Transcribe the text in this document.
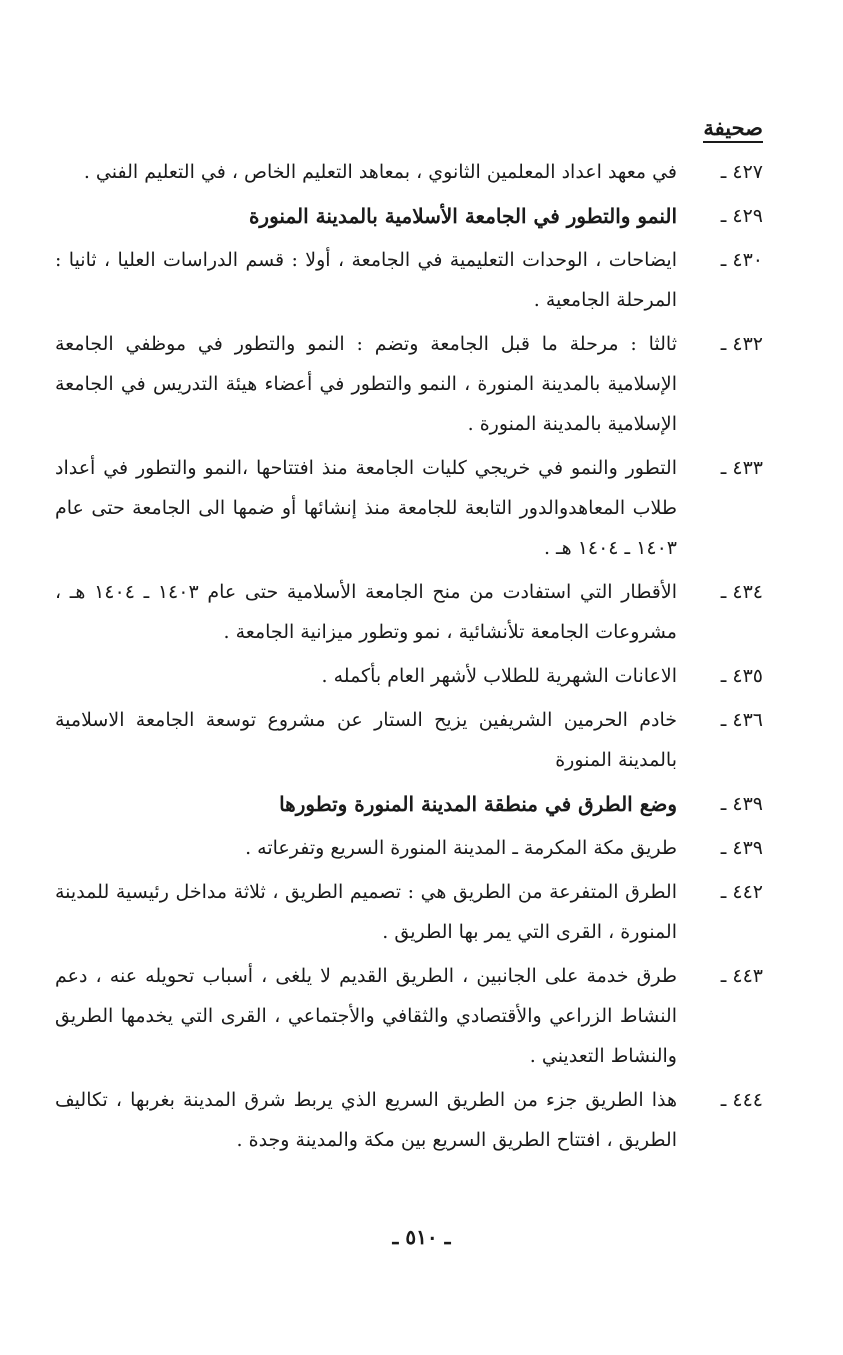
صحيفة
٤٢٧ ـ
في معهد اعداد المعلمين الثانوي ، بمعاهد التعليم الخاص ، في التعليم الفني .
٤٢٩ ـ
النمو والتطور في الجامعة الأسلامية بالمدينة المنورة
٤٣٠ ـ
ايضاحات ، الوحدات التعليمية في الجامعة ، أولا : قسم الدراسات العليا ، ثانيا : المرحلة الجامعية .
٤٣٢ ـ
ثالثا : مرحلة ما قبل الجامعة وتضم : النمو والتطور في موظفي الجامعة الإسلامية بالمدينة المنورة ، النمو والتطور في أعضاء هيئة التدريس في الجامعة الإسلامية بالمدينة المنورة .
٤٣٣ ـ
التطور والنمو في خريجي كليات الجامعة منذ افتتاحها ،النمو والتطور في أعداد طلاب المعاهدوالدور التابعة للجامعة منذ إنشائها أو ضمها الى الجامعة حتى عام ١٤٠٣ ـ ١٤٠٤ هـ .
٤٣٤ ـ
الأقطار التي استفادت من منح الجامعة الأسلامية حتى عام ١٤٠٣ ـ ١٤٠٤ هـ ، مشروعات الجامعة تلأنشائية ، نمو وتطور ميزانية الجامعة .
٤٣٥ ـ
الاعانات الشهرية للطلاب لأشهر العام بأكمله .
٤٣٦ ـ
خادم الحرمين الشريفين يزيح الستار عن مشروع توسعة الجامعة الاسلامية بالمدينة المنورة
٤٣٩ ـ
وضع الطرق في منطقة المدينة المنورة وتطورها
٤٣٩ ـ
طريق مكة المكرمة ـ المدينة المنورة السريع وتفرعاته .
٤٤٢ ـ
الطرق المتفرعة من الطريق هي : تصميم الطريق ، ثلاثة مداخل رئيسية للمدينة المنورة ، القرى التي يمر بها الطريق .
٤٤٣ ـ
طرق خدمة على الجانبين ، الطريق القديم لا يلغى ، أسباب تحويله عنه ، دعم النشاط الزراعي والأقتصادي والثقافي والأجتماعي ، القرى التي يخدمها الطريق والنشاط التعديني .
٤٤٤ ـ
هذا الطريق جزء من الطريق السريع الذي يربط شرق المدينة بغربها ، تكاليف الطريق ، افتتاح الطريق السريع بين مكة والمدينة وجدة .
ـ ٥١٠ ـ
